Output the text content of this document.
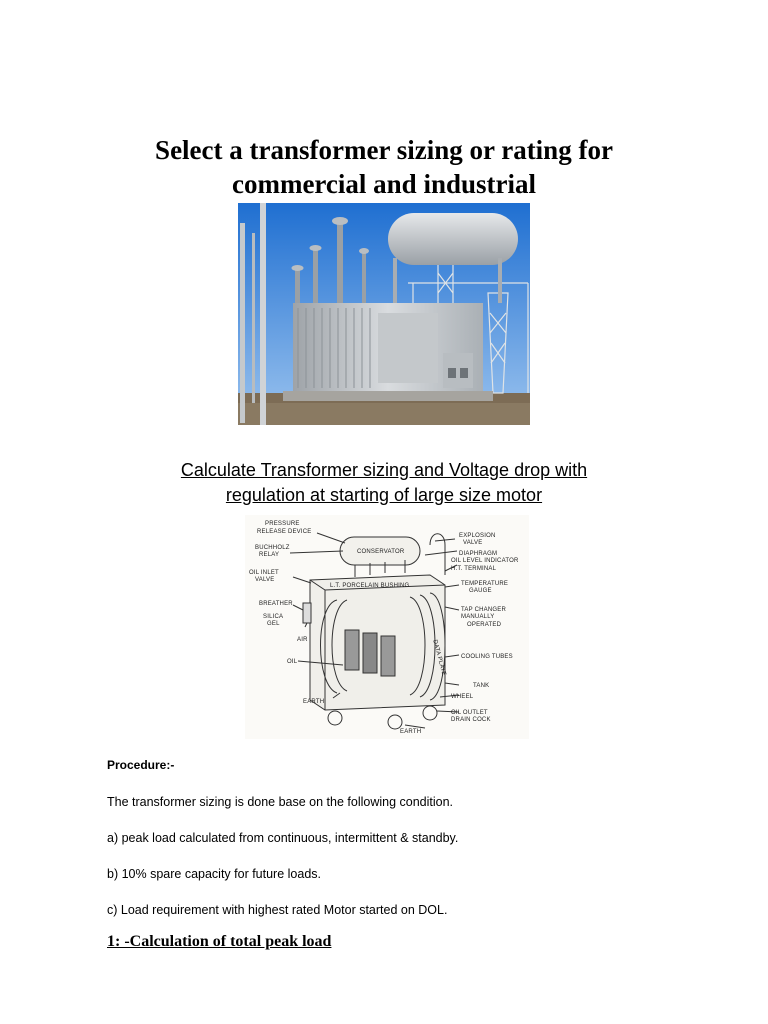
Select a transformer sizing or rating for
commercial and industrial
Calculate Transformer sizing and Voltage drop with
regulation at starting of large size motor
PRESSURE
RELEASE DEVICE
BUCHHOLZ
RELAY	CONSERVATOR
EXPLOSION
VALVE
DIAPHRAGM
OIL LEVEL INDICATOR
H.T. TERMINAL
OIL INLET
VALVE
L.T. PORCELAIN BUSHING	TEMPERATURE
GAUGE
BREATHER
SILICA
GEL
TAP CHANGER
MANUALLY
OPERATED
AIR	DATA PLATE
OIL
COOLING TUBES
TANK
WHEEL
EARTH
OIL OUTLET
DRAIN COCK
EARTH
Procedure:-
The transformer sizing is done base on the following condition.
a) peak load calculated from continuous, intermittent & standby.
b) 10% spare capacity for future loads.
c) Load requirement with highest rated Motor started on DOL.
1: -Calculation of total peak load
